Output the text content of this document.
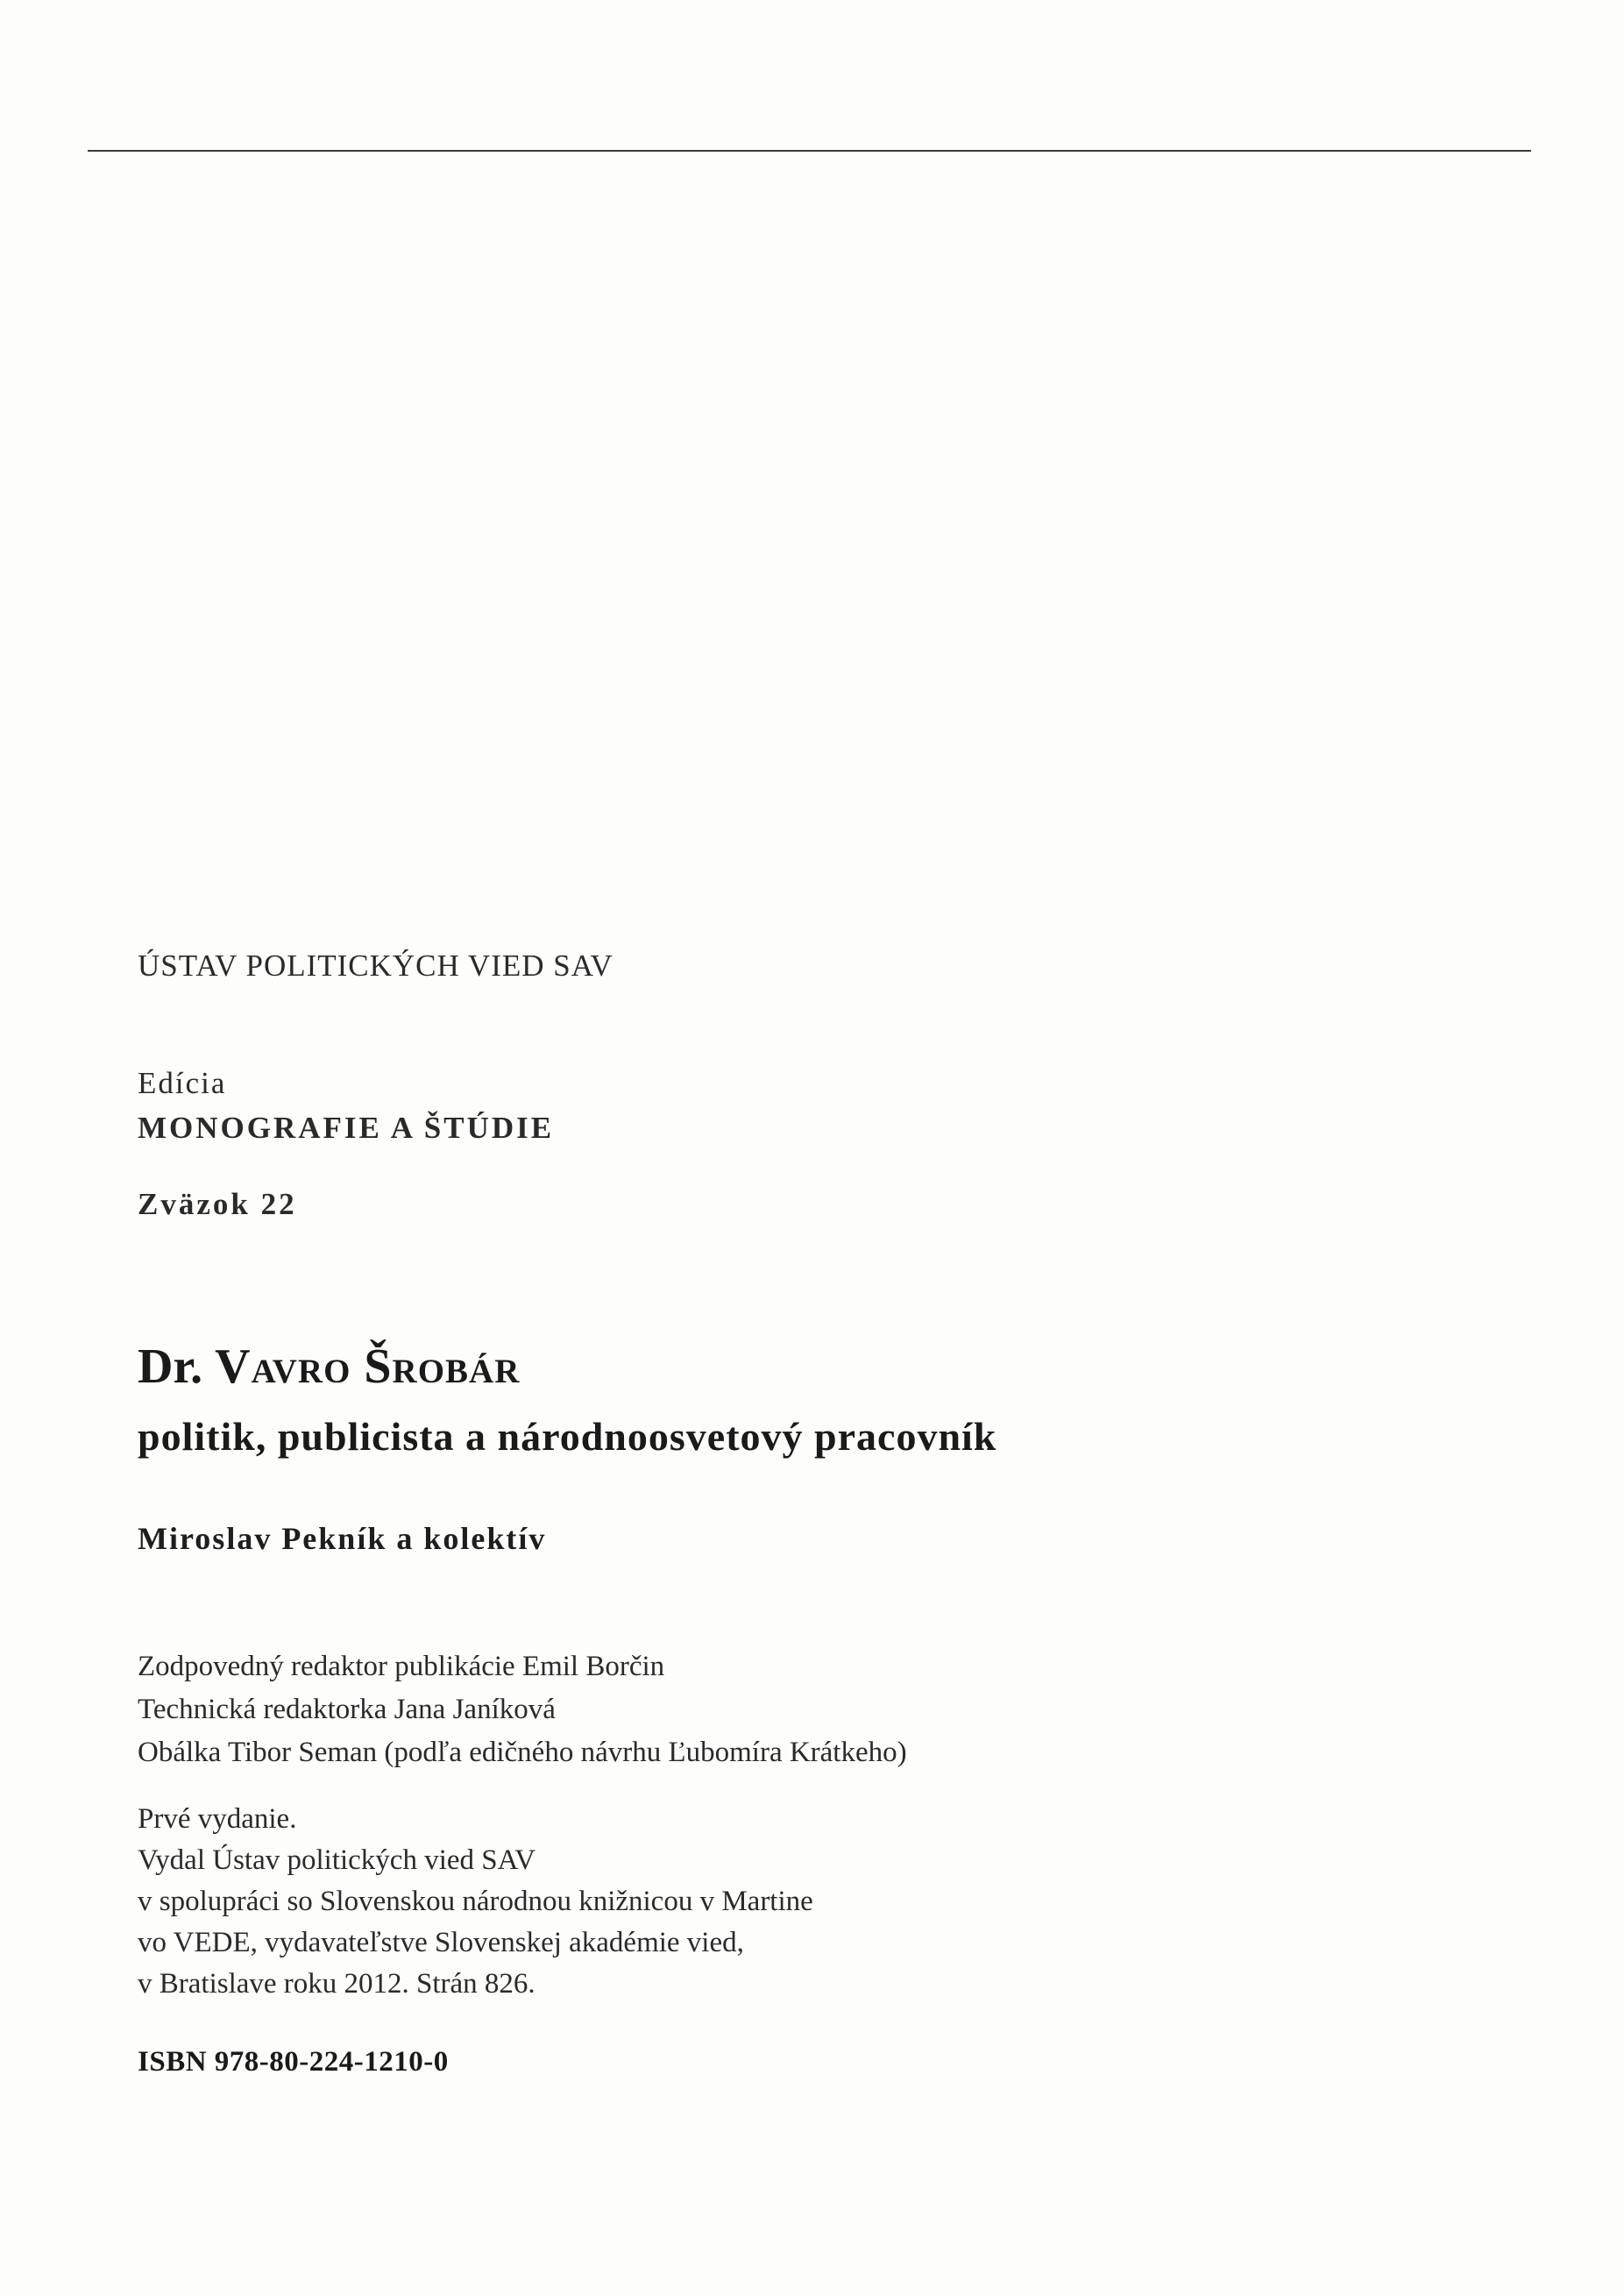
ÚSTAV POLITICKÝCH VIED SAV
Edícia
MONOGRAFIE A ŠTÚDIE
Zväzok 22
Dr. Vavro Šrobár
politik, publicista a národnoosvetový pracovník
Miroslav Pekník a kolektív
Zodpovedný redaktor publikácie Emil Borčin
Technická redaktorka Jana Janíková
Obálka Tibor Seman (podľa edičného návrhu Ľubomíra Krátkeho)
Prvé vydanie.
Vydal Ústav politických vied SAV
v spolupráci so Slovenskou národnou knižnicou v Martine
vo VEDE, vydavateľstve Slovenskej akadémie vied,
v Bratislave roku 2012. Strán 826.
ISBN 978-80-224-1210-0
